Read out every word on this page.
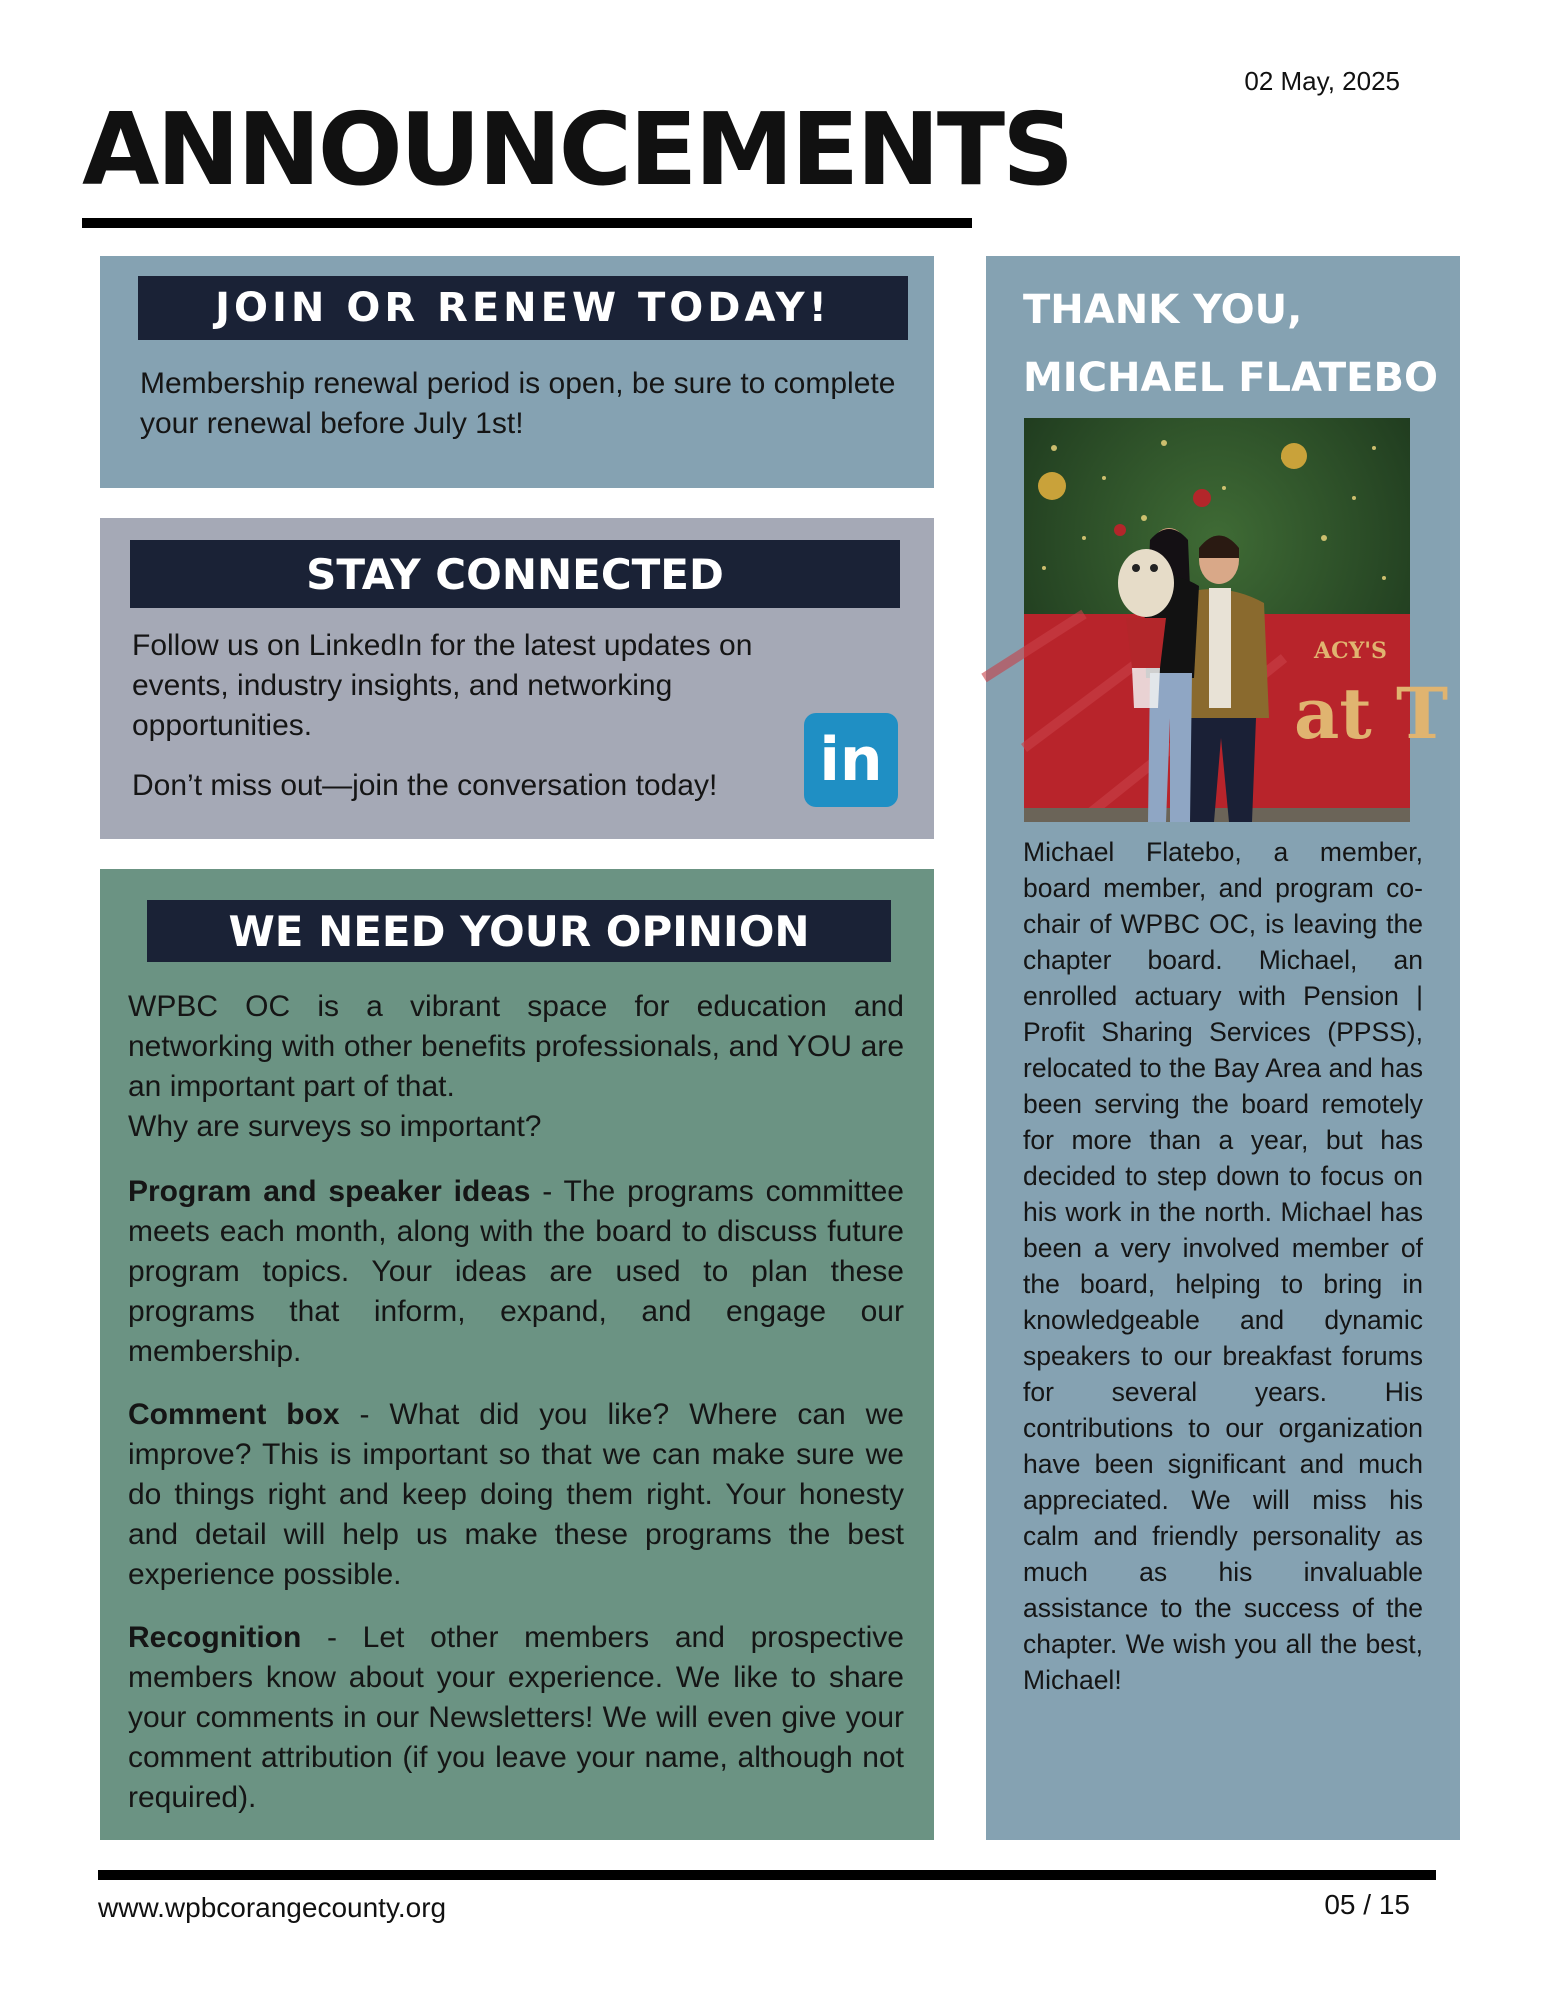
02 May, 2025
ANNOUNCEMENTS
JOIN OR RENEW TODAY!

Membership renewal period is open, be sure to complete your renewal before July 1st!

STAY CONNECTED

Follow us on LinkedIn for the latest updates on events, industry insights, and networking opportunities.

Don’t miss out—join the conversation today!	in
WE NEED YOUR OPINION
WPBC OC is a vibrant space for education and networking with other benefits professionals, and YOU are an important part of that.
Why are surveys so important?

Program and speaker ideas - The programs committee meets each month, along with the board to discuss future program topics. Your ideas are used to plan these programs that inform, expand, and engage our membership.

Comment box - What did you like? Where can we improve? This is important so that we can make sure we do things right and keep doing them right. Your honesty and detail will help us make these programs the best experience possible.

Recognition - Let other members and prospective members know about your experience. We like to share your comments in our Newsletters! We will even give your comment attribution (if you leave your name, although not required).

THANK YOU,
MICHAEL FLATEBO
ACY'S
at T

Michael Flatebo, a member, board member, and program co-chair of WPBC OC, is leaving the chapter board. Michael, an enrolled actuary with Pension | Profit Sharing Services (PPSS), relocated to the Bay Area and has been serving the board remotely for more than a year, but has decided to step down to focus on his work in the north. Michael has been a very involved member of the board, helping to bring in knowledgeable and dynamic speakers to our breakfast forums for several years. His contributions to our organization have been significant and much appreciated. We will miss his calm and friendly personality as much as his invaluable assistance to the success of the chapter. We wish you all the best, Michael!

www.wpbcorangecounty.org	05 / 15
